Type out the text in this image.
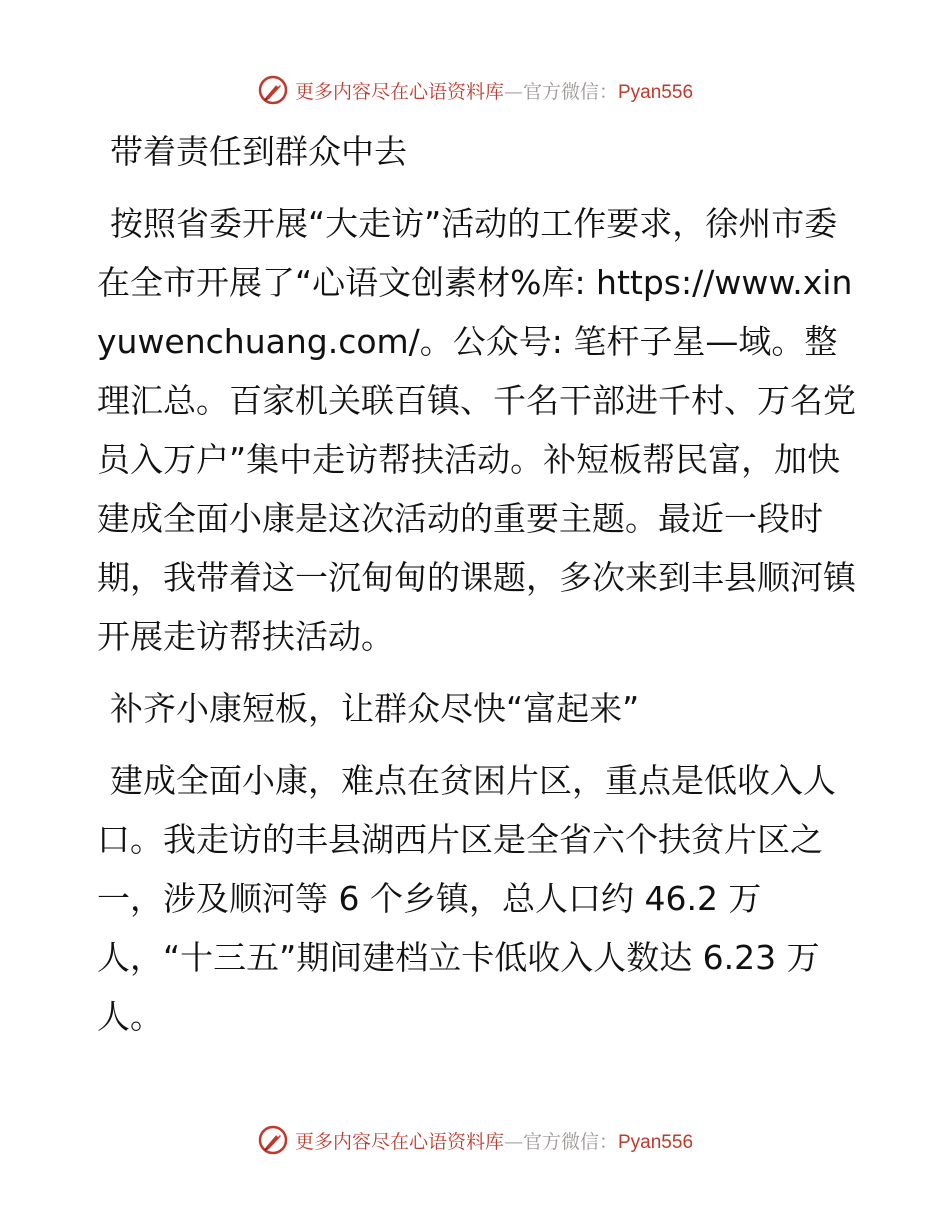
更多内容尽在心语资料库—官方微信：Pyan556

带着责任到群众中去

按照省委开展“大走访”活动的工作要求，徐州市委在全市开展了“心语文创素材%库: https://www.xinyuwenchuang.com/。公众号: 笔杆子星—域。整理汇总。百家机关联百镇、千名干部进千村、万名党员入万户”集中走访帮扶活动。补短板帮民富，加快建成全面小康是这次活动的重要主题。最近一段时期，我带着这一沉甸甸的课题，多次来到丰县顺河镇开展走访帮扶活动。

补齐小康短板，让群众尽快“富起来”

建成全面小康，难点在贫困片区，重点是低收入人口。我走访的丰县湖西片区是全省六个扶贫片区之一，涉及顺河等 6 个乡镇，总人口约 46.2 万人，“十三五”期间建档立卡低收入人数达 6.23 万人。

更多内容尽在心语资料库—官方微信：Pyan556
